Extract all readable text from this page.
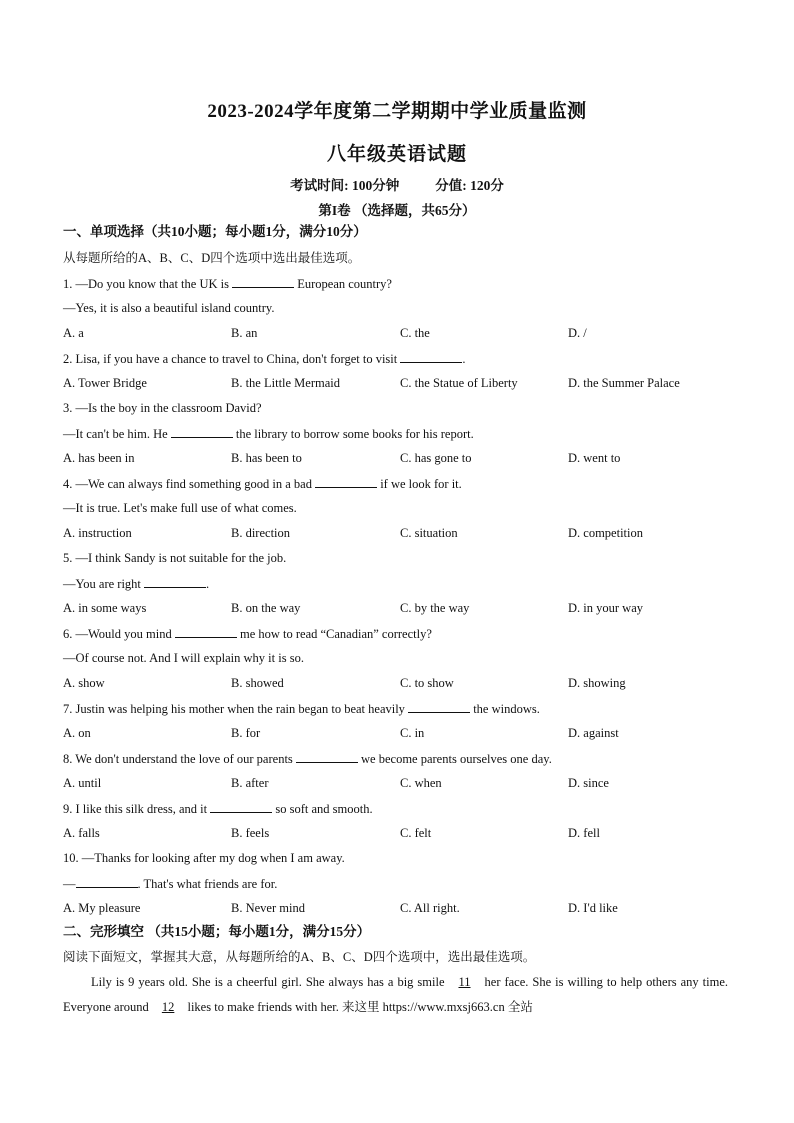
2023-2024学年度第二学期期中学业质量监测
八年级英语试题
考试时间: 100分钟	分值: 120分
第I卷 （选择题，共65分）
一、单项选择（共10小题；每小题1分，满分10分）
从每题所给的A、B、C、D四个选项中选出最佳选项。
1. —Do you know that the UK is	European country?
—Yes, it is also a beautiful island country.
A. a	B. an	C. the	D. /
2. Lisa, if you have a chance to travel to China, don't forget to visit	.
A. Tower Bridge	B. the Little Mermaid	C. the Statue of Liberty	D. the Summer Palace
3. —Is the boy in the classroom David?
—It can't be him. He	the library to borrow some books for his report.
A. has been in	B. has been to	C. has gone to	D. went to
4. —We can always find something good in a bad	if we look for it.
—It is true. Let's make full use of what comes.
A. instruction	B. direction	C. situation	D. competition
5. —I think Sandy is not suitable for the job.
—You are right	.
A. in some ways	B. on the way	C. by the way	D. in your way
6. —Would you mind	me how to read “Canadian” correctly?
—Of course not. And I will explain why it is so.
A. show	B. showed	C. to show	D. showing
7. Justin was helping his mother when the rain began to beat heavily	the windows.
A. on	B. for	C. in	D. against
8. We don't understand the love of our parents	we become parents ourselves one day.
A. until	B. after	C. when	D. since
9. I like this silk dress, and it	so soft and smooth.
A. falls	B. feels	C. felt	D. fell
10. —Thanks for looking after my dog when I am away.
—	. That's what friends are for.
A. My pleasure	B. Never mind	C. All right.	D. I'd like
二、完形填空 （共15小题；每小题1分，满分15分）
阅读下面短文，掌握其大意，从每题所给的A、B、C、D四个选项中，选出最佳选项。
Lily is 9 years old. She is a cheerful girl. She always has a big smile 11 her face. She is willing to help others any time. Everyone around 12 likes to make friends with her. 来这里 https://www.mxsj663.cn 全站
